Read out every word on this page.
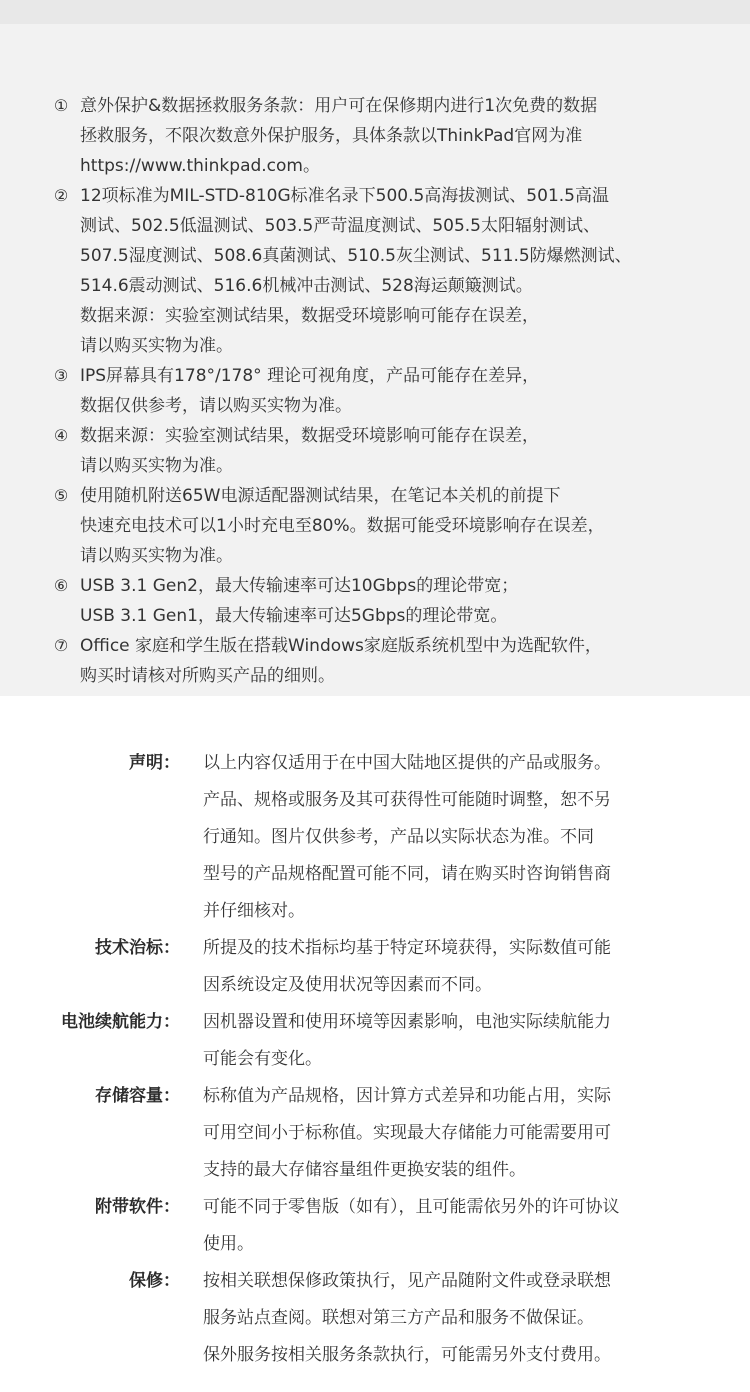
① 意外保护&数据拯救服务条款：用户可在保修期内进行1次免费的数据
拯救服务，不限次数意外保护服务，具体条款以ThinkPad官网为准
https://www.thinkpad.com。
② 12项标准为MIL-STD-810G标准名录下500.5高海拔测试、501.5高温
测试、502.5低温测试、503.5严苛温度测试、505.5太阳辐射测试、
507.5湿度测试、508.6真菌测试、510.5灰尘测试、511.5防爆燃测试、
514.6震动测试、516.6机械冲击测试、528海运颠簸测试。
数据来源：实验室测试结果，数据受环境影响可能存在误差，
请以购买实物为准。
③ IPS屏幕具有178°/178° 理论可视角度，产品可能存在差异，
数据仅供参考，请以购买实物为准。
④ 数据来源：实验室测试结果，数据受环境影响可能存在误差，
请以购买实物为准。
⑤ 使用随机附送65W电源适配器测试结果，在笔记本关机的前提下
快速充电技术可以1小时充电至80%。数据可能受环境影响存在误差，
请以购买实物为准。
⑥ USB 3.1 Gen2，最大传输速率可达10Gbps的理论带宽；
USB 3.1 Gen1，最大传输速率可达5Gbps的理论带宽。
⑦ Office 家庭和学生版在搭载Windows家庭版系统机型中为选配软件，
购买时请核对所购买产品的细则。
声明： 以上内容仅适用于在中国大陆地区提供的产品或服务。
产品、规格或服务及其可获得性可能随时调整，恕不另
行通知。图片仅供参考，产品以实际状态为准。不同
型号的产品规格配置可能不同，请在购买时咨询销售商
并仔细核对。
技术治标： 所提及的技术指标均基于特定环境获得，实际数值可能
因系统设定及使用状况等因素而不同。
电池续航能力： 因机器设置和使用环境等因素影响，电池实际续航能力
可能会有变化。
存储容量： 标称值为产品规格，因计算方式差异和功能占用，实际
可用空间小于标称值。实现最大存储能力可能需要用可
支持的最大存储容量组件更换安装的组件。
附带软件： 可能不同于零售版（如有），且可能需依另外的许可协议
使用。
保修： 按相关联想保修政策执行，见产品随附文件或登录联想
服务站点查阅。联想对第三方产品和服务不做保证。
保外服务按相关服务条款执行，可能需另外支付费用。
